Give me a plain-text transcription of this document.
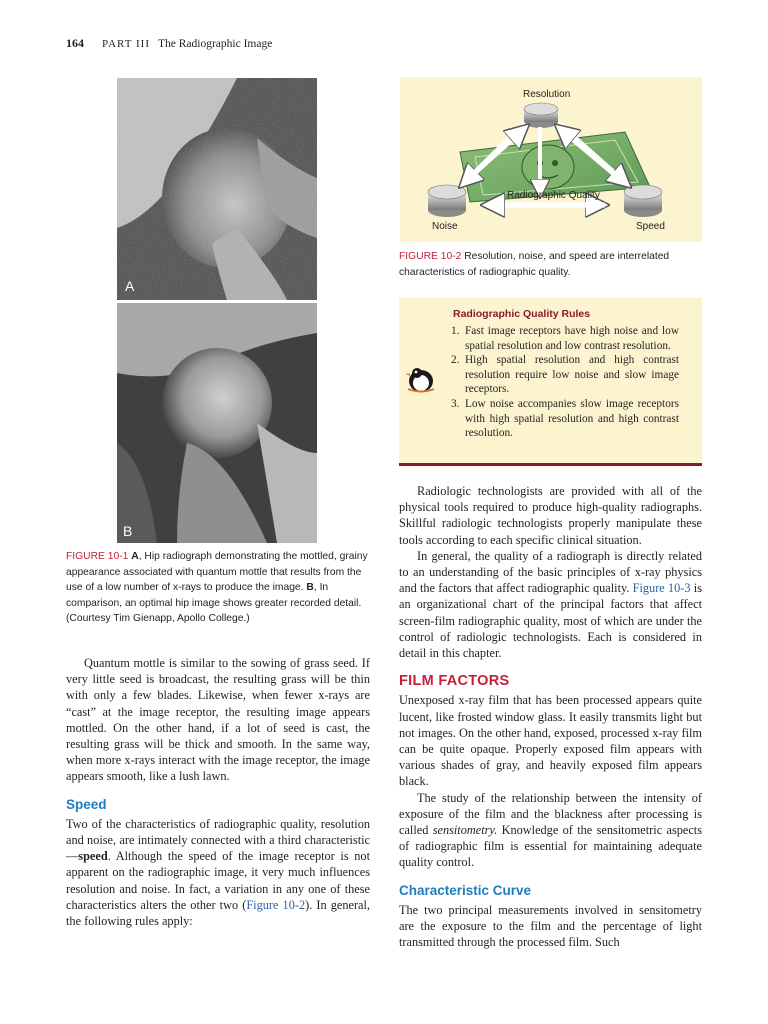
164 PART III The Radiographic Image
A
B
FIGURE 10-1 A, Hip radiograph demonstrating the mottled, grainy appearance associated with quantum mottle that results from the use of a low number of x-rays to produce the image. B, In comparison, an optimal hip image shows greater recorded detail. (Courtesy Tim Gienapp, Apollo College.)

Quantum mottle is similar to the sowing of grass seed. If very little seed is broadcast, the resulting grass will be thin with only a few blades. Likewise, when fewer x-rays are “cast” at the image receptor, the resulting image appears mottled. On the other hand, if a lot of seed is cast, the resulting grass will be thick and smooth. In the same way, when more x-rays interact with the image receptor, the image appears smooth, like a lush lawn.

Speed

Two of the characteristics of radiographic quality, resolution and noise, are intimately connected with a third characteristic—speed. Although the speed of the image receptor is not apparent on the radiographic image, it very much influences resolution and noise. In fact, a variation in any one of these characteristics alters the other two (Figure 10-2). In general, the following rules apply:

Resolution
Radiographic Quality
Noise	Speed
FIGURE 10-2 Resolution, noise, and speed are interrelated characteristics of radiographic quality.
Radiographic Quality Rules
1. Fast image receptors have high noise and low spatial resolution and low contrast resolution.
2. High spatial resolution and high contrast resolution require low noise and slow image receptors.
3. Low noise accompanies slow image receptors with high spatial resolution and high contrast resolution.

Radiologic technologists are provided with all of the physical tools required to produce high-quality radiographs. Skillful radiologic technologists properly manipulate these tools according to each specific clinical situation.

In general, the quality of a radiograph is directly related to an understanding of the basic principles of x-ray physics and the factors that affect radiographic quality. Figure 10-3 is an organizational chart of the principal factors that affect screen-film radiographic quality, most of which are under the control of radiologic technologists. Each is considered in detail in this chapter.

FILM FACTORS

Unexposed x-ray film that has been processed appears quite lucent, like frosted window glass. It easily transmits light but not images. On the other hand, exposed, processed x-ray film can be quite opaque. Properly exposed film appears with various shades of gray, and heavily exposed film appears black.

The study of the relationship between the intensity of exposure of the film and the blackness after processing is called sensitometry. Knowledge of the sensitometric aspects of radiographic film is essential for maintaining adequate quality control.

Characteristic Curve

The two principal measurements involved in sensitometry are the exposure to the film and the percentage of light transmitted through the processed film. Such
